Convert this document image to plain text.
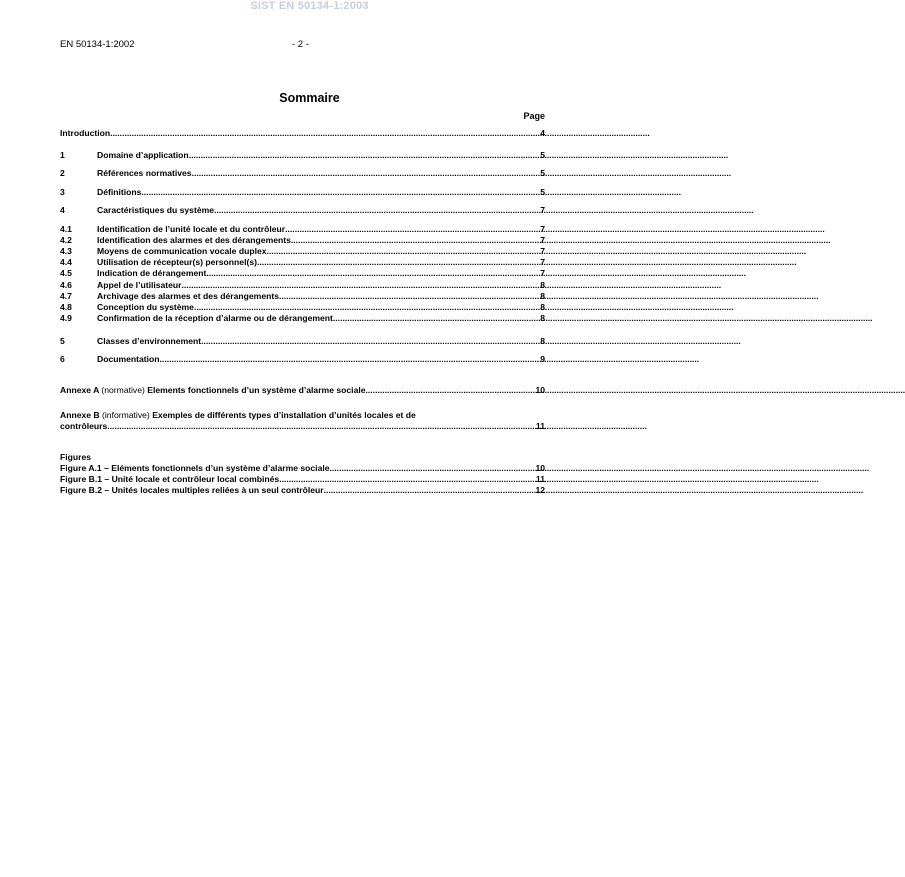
SIST EN 50134-1:2003
EN 50134-1:2002	- 2 -
Sommaire
Page
Introduction .....	4
1	Domaine d’application .....	5
2	Références normatives .....	5
3	Définitions .....	5
4	Caractéristiques du système .....	7
4.1	Identification de l’unité locale et du contrôleur .....	7
4.2	Identification des alarmes et des dérangements .....	7
4.3	Moyens de communication vocale duplex .....	7
4.4	Utilisation de récepteur(s) personnel(s) .....	7
4.5	Indication de dérangement .....	7
4.6	Appel de l’utilisateur .....	8
4.7	Archivage des alarmes et des dérangements .....	8
4.8	Conception du système .....	8
4.9	Confirmation de la réception d’alarme ou de dérangement .....	8
5	Classes d’environnement .....	8
6	Documentation .....	9
Annexe A (normative) Elements fonctionnels d’un système d’alarme sociale .....	10
Annexe B (informative) Exemples de différents types d’installation d’unités locales et de
contrôleurs .....	11
Figures
Figure A.1 – Eléments fonctionnels d’un système d’alarme sociale .....	10
Figure B.1 – Unité locale et contrôleur local combinés .....	11
Figure B.2 – Unités locales multiples reliées à un seul contrôleur .....	12
